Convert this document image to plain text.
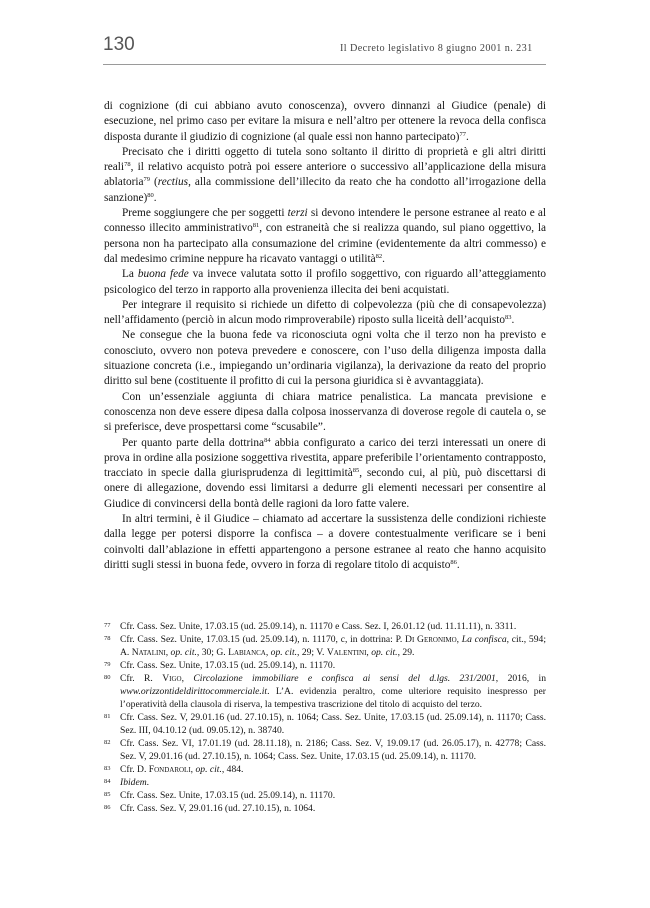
130	Il Decreto legislativo 8 giugno 2001 n. 231

di cognizione (di cui abbiano avuto conoscenza), ovvero dinnanzi al Giudice (penale) di esecuzione, nel primo caso per evitare la misura e nell’altro per ottenere la revoca della confisca disposta durante il giudizio di cognizione (al quale essi non hanno partecipato)$^{77}$.

Precisato che i diritti oggetto di tutela sono soltanto il diritto di proprietà e gli altri diritti reali$^{78}$, il relativo acquisto potrà poi essere anteriore o successivo all’applicazione della misura ablatoria$^{79}$ (rectius, alla commissione dell’illecito da reato che ha condotto all’irrogazione della sanzione)$^{80}$.

Preme soggiungere che per soggetti terzi si devono intendere le persone estranee al reato e al connesso illecito amministrativo$^{81}$, con estraneità che si realizza quando, sul piano oggettivo, la persona non ha partecipato alla consumazione del crimine (evidentemente da altri commesso) e dal medesimo crimine neppure ha ricavato vantaggi o utilità$^{82}$.

La buona fede va invece valutata sotto il profilo soggettivo, con riguardo all’atteggiamento psicologico del terzo in rapporto alla provenienza illecita dei beni acquistati.

Per integrare il requisito si richiede un difetto di colpevolezza (più che di consapevolezza) nell’affidamento (perciò in alcun modo rimproverabile) riposto sulla liceità dell’acquisto$^{83}$.

Ne consegue che la buona fede va riconosciuta ogni volta che il terzo non ha previsto e conosciuto, ovvero non poteva prevedere e conoscere, con l’uso della diligenza imposta dalla situazione concreta (i.e., impiegando un’ordinaria vigilanza), la derivazione da reato del proprio diritto sul bene (costituente il profitto di cui la persona giuridica si è avvantaggiata).

Con un’essenziale aggiunta di chiara matrice penalistica. La mancata previsione e conoscenza non deve essere dipesa dalla colposa inosservanza di doverose regole di cautela o, se si preferisce, deve prospettarsi come “scusabile”.

Per quanto parte della dottrina$^{84}$ abbia configurato a carico dei terzi interessati un onere di prova in ordine alla posizione soggettiva rivestita, appare preferibile l’orientamento contrapposto, tracciato in specie dalla giurisprudenza di legittimità$^{85}$, secondo cui, al più, può discettarsi di onere di allegazione, dovendo essi limitarsi a dedurre gli elementi necessari per consentire al Giudice di convincersi della bontà delle ragioni da loro fatte valere.

In altri termini, è il Giudice – chiamato ad accertare la sussistenza delle condizioni richieste dalla legge per potersi disporre la confisca – a dovere contestualmente verificare se i beni coinvolti dall’ablazione in effetti appartengono a persone estranee al reato che hanno acquisito diritti sugli stessi in buona fede, ovvero in forza di regolare titolo di acquisto$^{86}$.

77 Cfr. Cass. Sez. Unite, 17.03.15 (ud. 25.09.14), n. 11170 e Cass. Sez. I, 26.01.12 (ud. 11.11.11), n. 3311.
78 Cfr. Cass. Sez. Unite, 17.03.15 (ud. 25.09.14), n. 11170, c, in dottrina: P. Di Geronimo, La confisca, cit., 594; A. Natalini, op. cit., 30; G. Labianca, op. cit., 29; V. Valentini, op. cit., 29.
79 Cfr. Cass. Sez. Unite, 17.03.15 (ud. 25.09.14), n. 11170.
80 Cfr. R. Vigo, Circolazione immobiliare e confisca ai sensi del d.lgs. 231/2001, 2016, in www.orizzontideldirittocommerciale.it. L’A. evidenzia peraltro, come ulteriore requisito inespresso per l’operatività della clausola di riserva, la tempestiva trascrizione del titolo di acquisto del terzo.
81 Cfr. Cass. Sez. V, 29.01.16 (ud. 27.10.15), n. 1064; Cass. Sez. Unite, 17.03.15 (ud. 25.09.14), n. 11170; Cass. Sez. III, 04.10.12 (ud. 09.05.12), n. 38740.
82 Cfr. Cass. Sez. VI, 17.01.19 (ud. 28.11.18), n. 2186; Cass. Sez. V, 19.09.17 (ud. 26.05.17), n. 42778; Cass. Sez. V, 29.01.16 (ud. 27.10.15), n. 1064; Cass. Sez. Unite, 17.03.15 (ud. 25.09.14), n. 11170.
83 Cfr. D. Fondaroli, op. cit., 484.
84 Ibidem.
85 Cfr. Cass. Sez. Unite, 17.03.15 (ud. 25.09.14), n. 11170.
86 Cfr. Cass. Sez. V, 29.01.16 (ud. 27.10.15), n. 1064.
